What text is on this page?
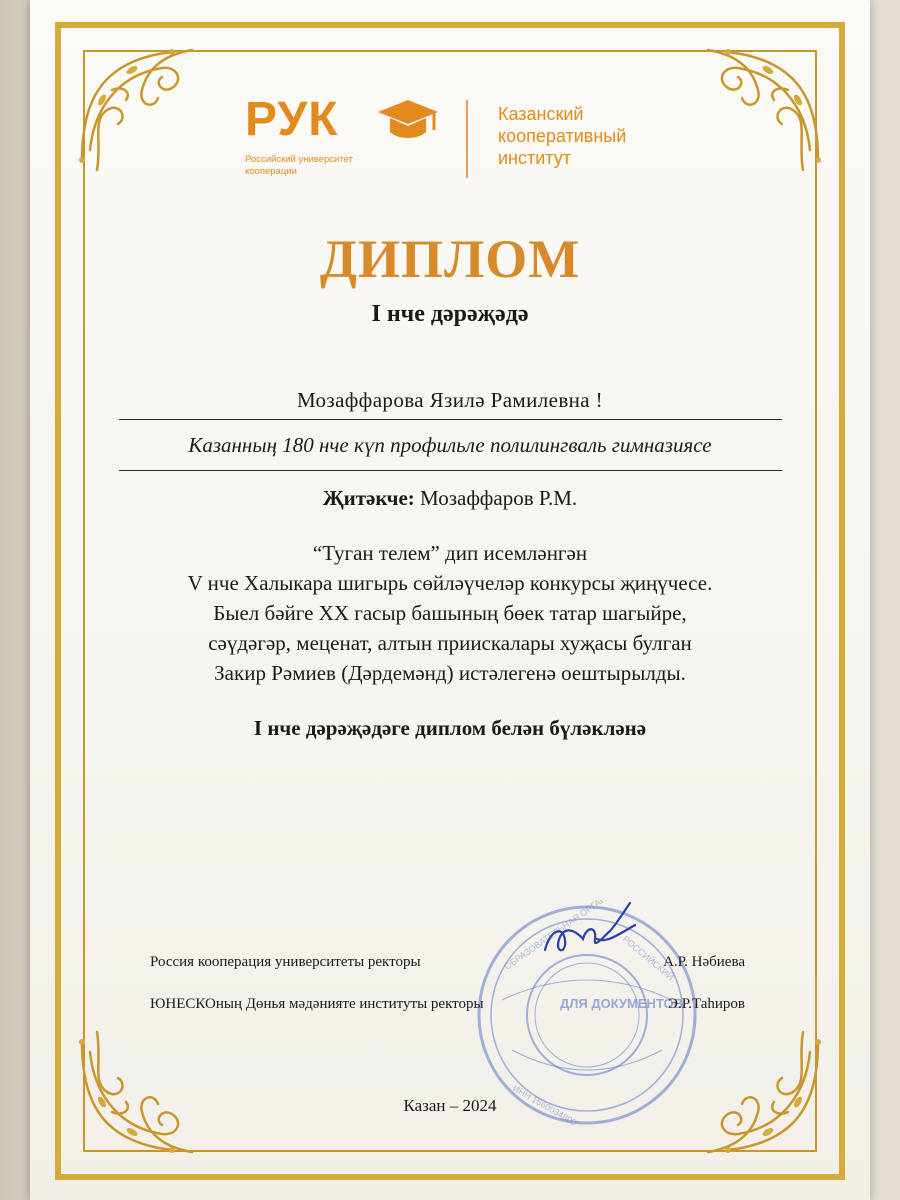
РУК
Российский университет
кооперации
Казанский
кооперативный
институт
ДИПЛОМ
I нче дәрәҗәдә
Мозаффарова Язилә Рамилевна !
Казанның 180 нче күп профильле полилингваль гимназиясе
Җитәкче: Мозаффаров Р.М.
“Туган телем” дип исемләнгән
V нче Халыкара шигырь сөйләүчеләр конкурсы җиңүчесе.
Быел бәйге XX гасыр башының бөек татар шагыйре,
сәүдәгәр, меценат, алтын приискалары хуҗасы булган
Закир Рәмиев (Дәрдемәнд) истәлегенә оештырылды.
I нче дәрәҗәдәге диплом белән бүләкләнә
ОБРАЗОВАТЕЛЬНАЯ ОРГАНИЗАЦИЯ
РОССИЙСКИЙ
ИНН 1660034800
ДЛЯ ДОКУМЕНТОВ
Россия кооперация университеты ректоры	А.Р. Нәбиева
ЮНЕСКОның Дөнья мәдәнияте институты ректоры	Э.Р.Таһиров
Казан – 2024
